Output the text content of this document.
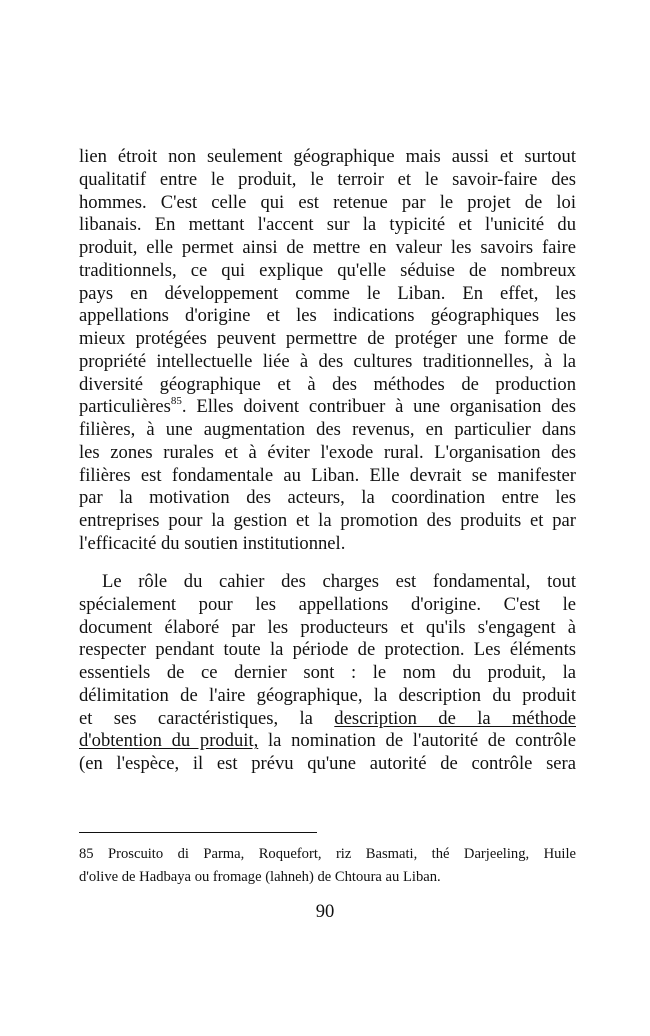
lien étroit non seulement géographique mais aussi et surtout
qualitatif entre le produit, le terroir et le savoir-faire des
hommes. C'est celle qui est retenue par le projet de loi
libanais. En mettant l'accent sur la typicité et l'unicité du
produit, elle permet ainsi de mettre en valeur les savoirs faire
traditionnels, ce qui explique qu'elle séduise de nombreux
pays en développement comme le Liban. En effet, les
appellations d'origine et les indications géographiques les
mieux protégées peuvent permettre de protéger une forme de
propriété intellectuelle liée à des cultures traditionnelles, à la
diversité géographique et à des méthodes de production
particulières$^{85}$. Elles doivent contribuer à une organisation des
filières, à une augmentation des revenus, en particulier dans
les zones rurales et à éviter l'exode rural. L'organisation des
filières est fondamentale au Liban. Elle devrait se manifester
par la motivation des acteurs, la coordination entre les
entreprises pour la gestion et la promotion des produits et par
l'efficacité du soutien institutionnel.
Le rôle du cahier des charges est fondamental, tout
spécialement pour les appellations d'origine. C'est le
document élaboré par les producteurs et qu'ils s'engagent à
respecter pendant toute la période de protection. Les éléments
essentiels de ce dernier sont : le nom du produit, la
délimitation de l'aire géographique, la description du produit
et ses caractéristiques, la description de la méthode
d'obtention du produit, la nomination de l'autorité de contrôle
(en l'espèce, il est prévu qu'une autorité de contrôle sera
85 Proscuito di Parma, Roquefort, riz Basmati, thé Darjeeling, Huile
d'olive de Hadbaya ou fromage (lahneh) de Chtoura au Liban.
90
